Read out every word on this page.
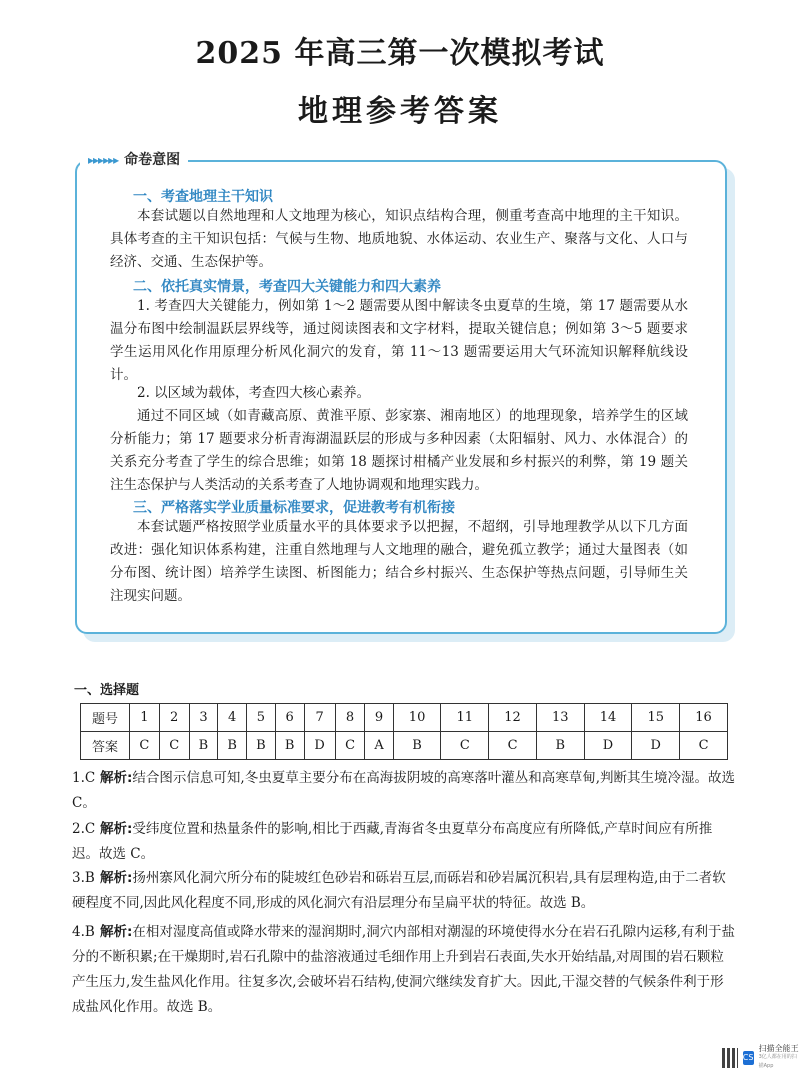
2025 年高三第一次模拟考试
地理参考答案
▸▸▸▸▸▸ 命卷意图
一、考查地理主干知识
本套试题以自然地理和人文地理为核心，知识点结构合理，侧重考查高中地理的主干知识。具体考查的主干知识包括：气候与生物、地质地貌、水体运动、农业生产、聚落与文化、人口与经济、交通、生态保护等。
二、依托真实情景，考查四大关键能力和四大素养
1. 考查四大关键能力，例如第 1～2 题需要从图中解读冬虫夏草的生境，第 17 题需要从水温分布图中绘制温跃层界线等，通过阅读图表和文字材料，提取关键信息；例如第 3～5 题要求学生运用风化作用原理分析风化洞穴的发育，第 11～13 题需要运用大气环流知识解释航线设计。
2. 以区域为载体，考查四大核心素养。
通过不同区域（如青藏高原、黄淮平原、彭家寨、湘南地区）的地理现象，培养学生的区域分析能力；第 17 题要求分析青海湖温跃层的形成与多种因素（太阳辐射、风力、水体混合）的关系充分考查了学生的综合思维；如第 18 题探讨柑橘产业发展和乡村振兴的利弊，第 19 题关注生态保护与人类活动的关系考查了人地协调观和地理实践力。
三、严格落实学业质量标准要求，促进教考有机衔接
本套试题严格按照学业质量水平的具体要求予以把握，不超纲，引导地理教学从以下几方面改进：强化知识体系构建，注重自然地理与人文地理的融合，避免孤立教学；通过大量图表（如分布图、统计图）培养学生读图、析图能力；结合乡村振兴、生态保护等热点问题，引导师生关注现实问题。
一、选择题
题号	1	2	3	4	5	6	7	8	9	10	11	12	13	14	15	16
答案	C	C	B	B	B	B	D	C	A	B	C	C	B	D	D	C
1.C 解析:结合图示信息可知,冬虫夏草主要分布在高海拔阴坡的高寒落叶灌丛和高寒草甸,判断其生境冷湿。故选 C。
2.C 解析:受纬度位置和热量条件的影响,相比于西藏,青海省冬虫夏草分布高度应有所降低,产草时间应有所推迟。故选 C。
3.B 解析:扬州寨风化洞穴所分布的陡坡红色砂岩和砾岩互层,而砾岩和砂岩属沉积岩,具有层理构造,由于二者软硬程度不同,因此风化程度不同,形成的风化洞穴有沿层理分布呈扁平状的特征。故选 B。
4.B 解析:在相对湿度高值或降水带来的湿润期时,洞穴内部相对潮湿的环境使得水分在岩石孔隙内运移,有利于盐分的不断积累;在干燥期时,岩石孔隙中的盐溶液通过毛细作用上升到岩石表面,失水开始结晶,对周围的岩石颗粒产生压力,发生盐风化作用。往复多次,会破坏岩石结构,使洞穴继续发育扩大。因此,干湿交替的气候条件利于形成盐风化作用。故选 B。
CS
扫描全能王
3亿人都在用的扫描App
